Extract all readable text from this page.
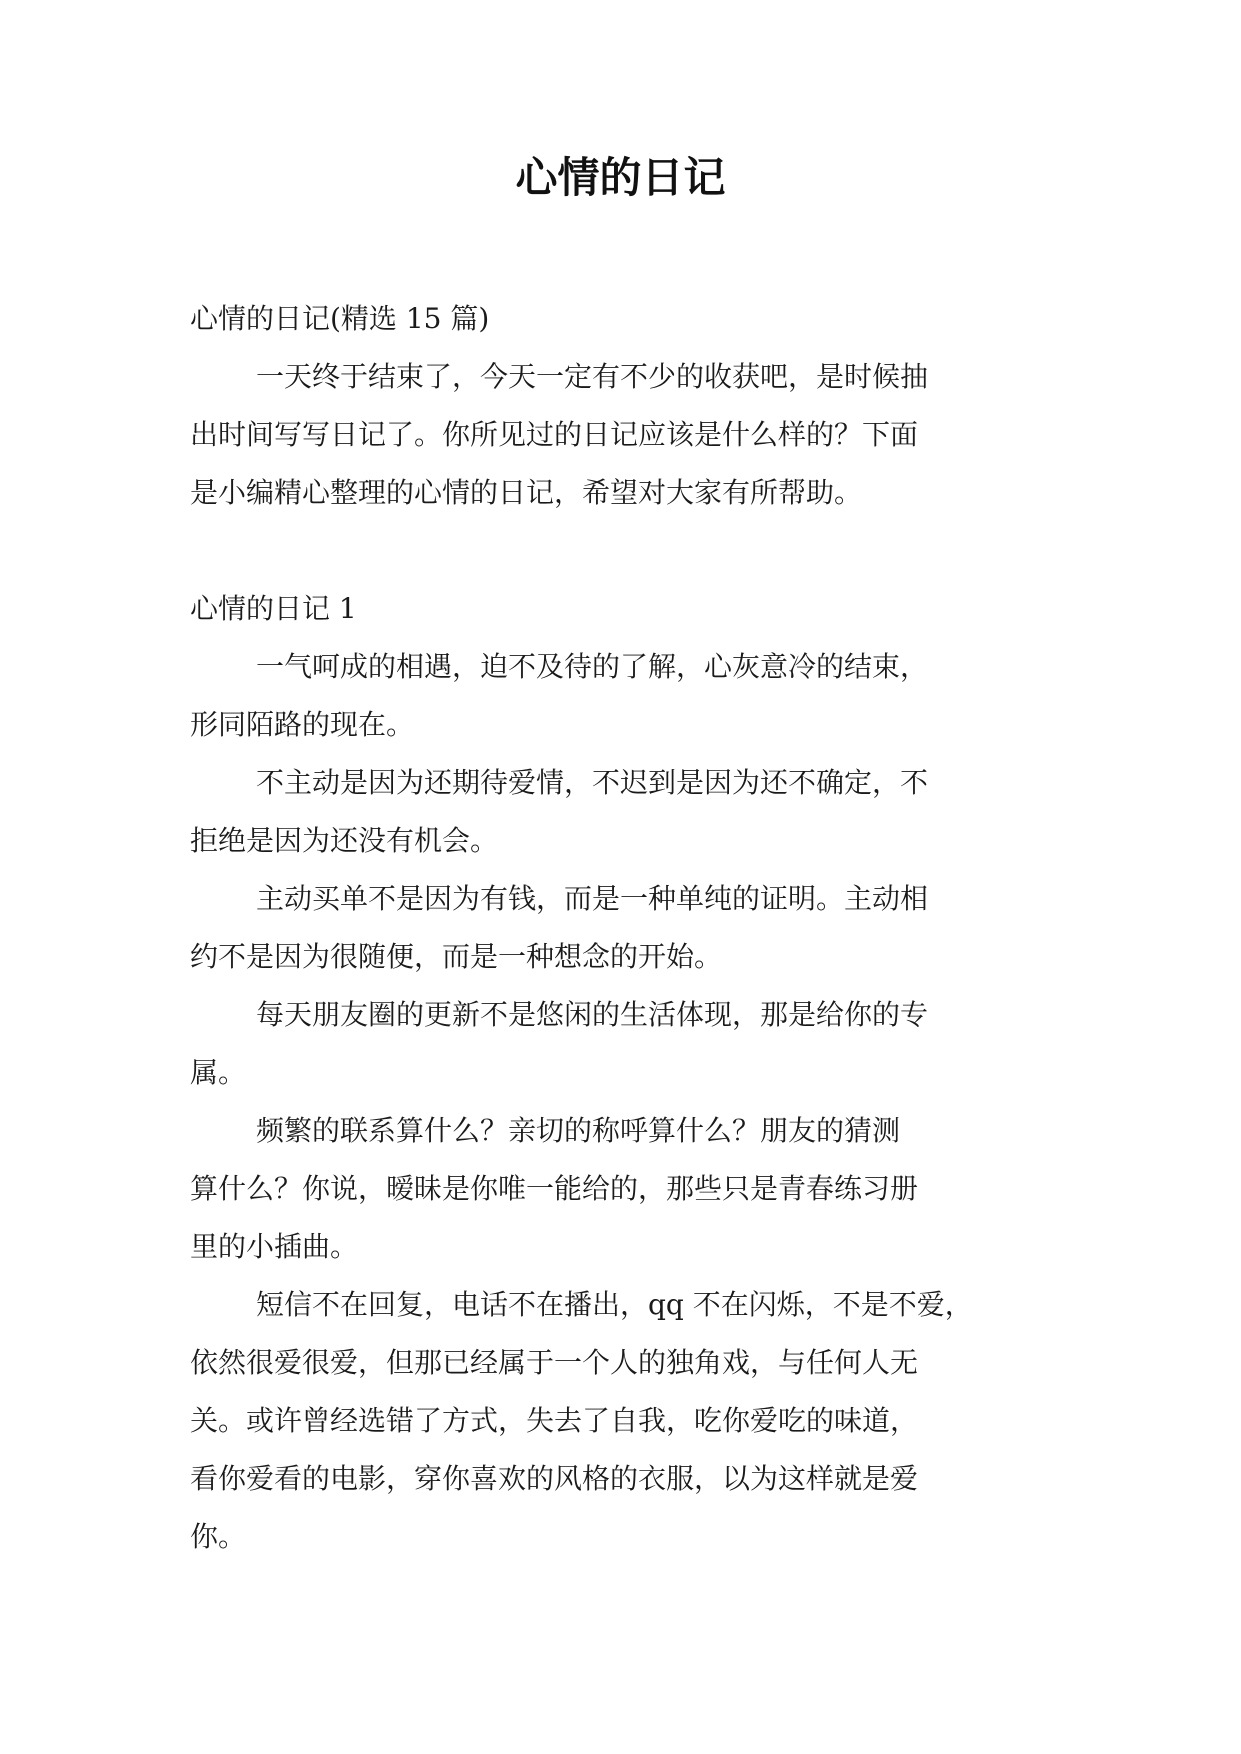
心情的日记
心情的日记(精选 15 篇)
一天终于结束了，今天一定有不少的收获吧，是时候抽
出时间写写日记了。你所见过的日记应该是什么样的？下面
是小编精心整理的心情的日记，希望对大家有所帮助。
心情的日记 1
一气呵成的相遇，迫不及待的了解，心灰意冷的结束，
形同陌路的现在。
不主动是因为还期待爱情，不迟到是因为还不确定，不
拒绝是因为还没有机会。
主动买单不是因为有钱，而是一种单纯的证明。主动相
约不是因为很随便，而是一种想念的开始。
每天朋友圈的更新不是悠闲的生活体现，那是给你的专
属。
频繁的联系算什么？亲切的称呼算什么？朋友的猜测
算什么？你说，暧昧是你唯一能给的，那些只是青春练习册
里的小插曲。
短信不在回复，电话不在播出，qq 不在闪烁，不是不爱，
依然很爱很爱，但那已经属于一个人的独角戏，与任何人无
关。或许曾经选错了方式，失去了自我，吃你爱吃的味道，
看你爱看的电影，穿你喜欢的风格的衣服，以为这样就是爱
你。
